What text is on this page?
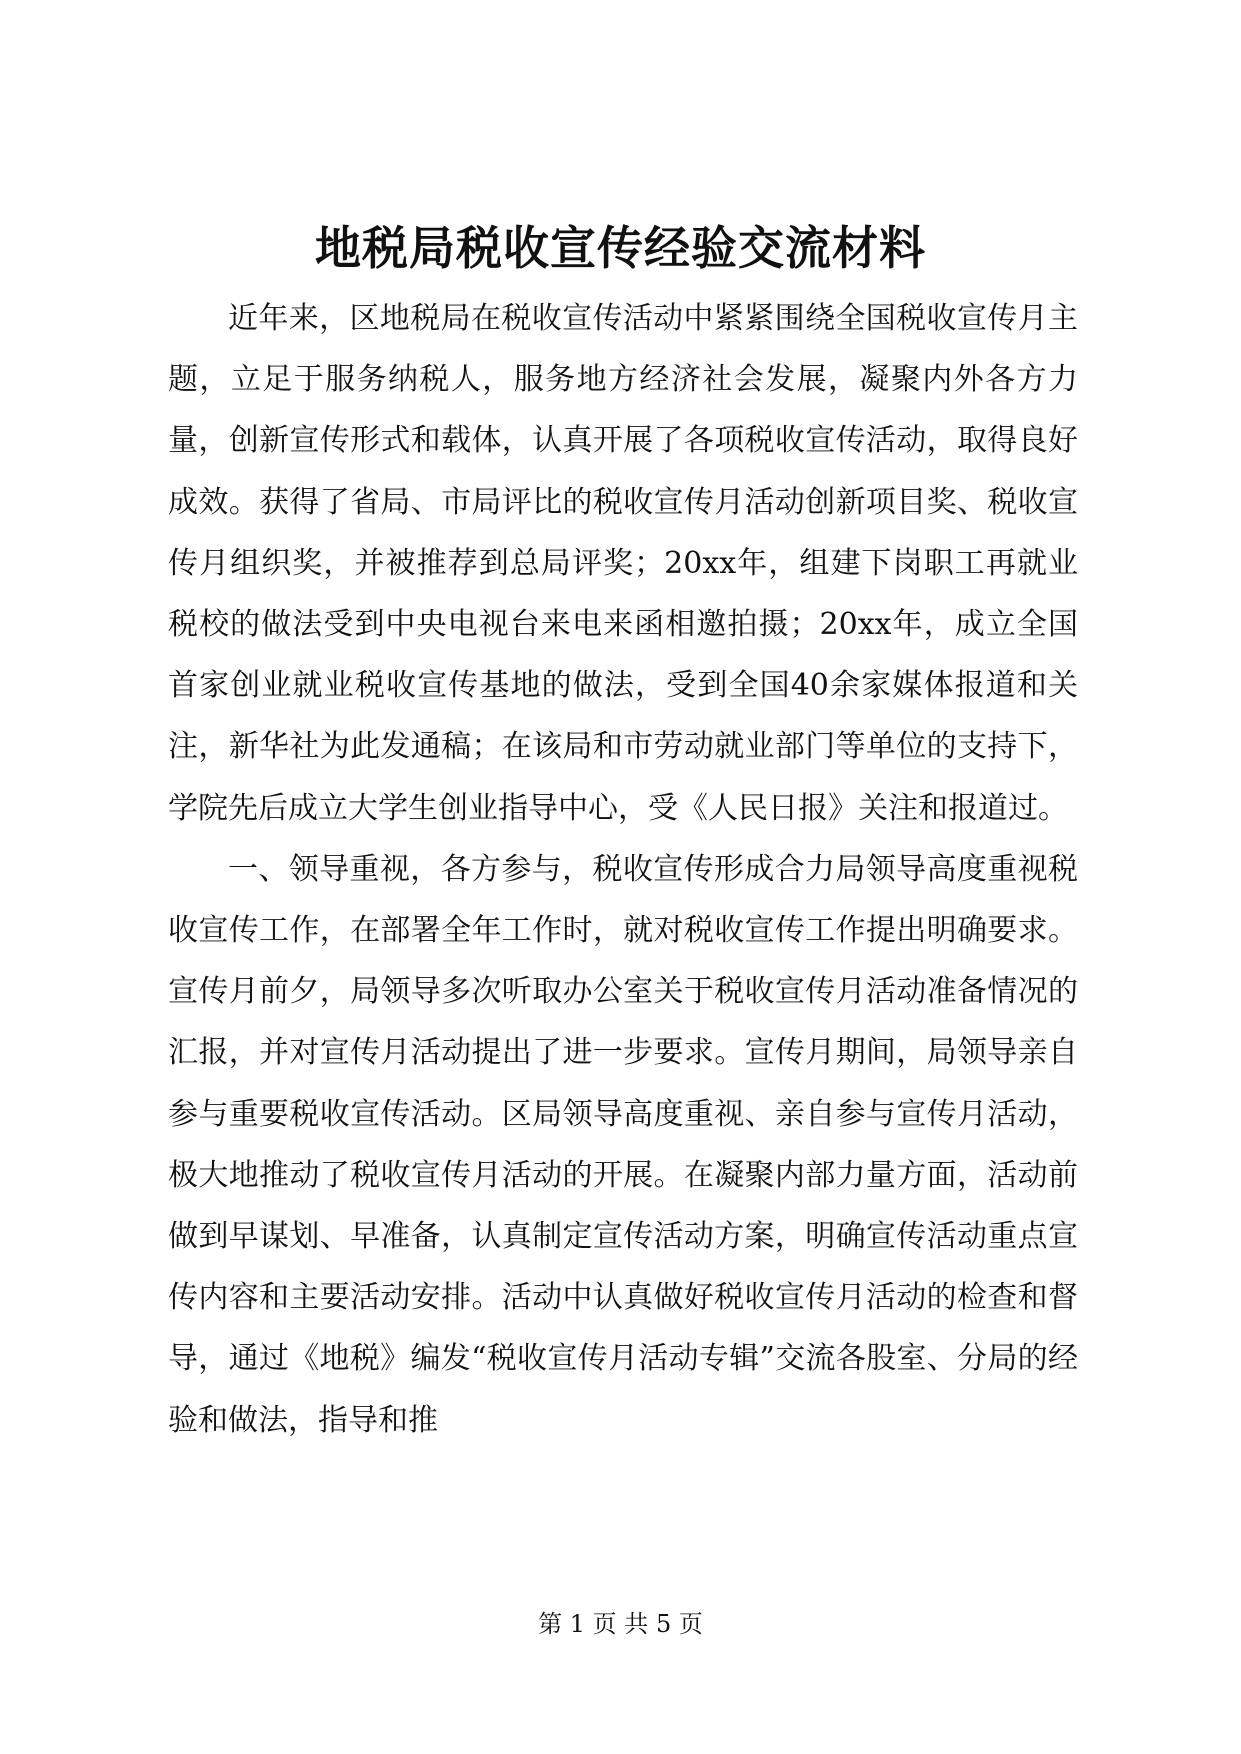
地税局税收宣传经验交流材料

近年来，区地税局在税收宣传活动中紧紧围绕全国税收宣传月主题，立足于服务纳税人，服务地方经济社会发展，凝聚内外各方力量，创新宣传形式和载体，认真开展了各项税收宣传活动，取得良好成效。获得了省局、市局评比的税收宣传月活动创新项目奖、税收宣传月组织奖，并被推荐到总局评奖；20xx年，组建下岗职工再就业税校的做法受到中央电视台来电来函相邀拍摄；20xx年，成立全国首家创业就业税收宣传基地的做法，受到全国40余家媒体报道和关注，新华社为此发通稿；在该局和市劳动就业部门等单位的支持下，学院先后成立大学生创业指导中心，受《人民日报》关注和报道过。

一、领导重视，各方参与，税收宣传形成合力局领导高度重视税收宣传工作，在部署全年工作时，就对税收宣传工作提出明确要求。宣传月前夕，局领导多次听取办公室关于税收宣传月活动准备情况的汇报，并对宣传月活动提出了进一步要求。宣传月期间，局领导亲自参与重要税收宣传活动。区局领导高度重视、亲自参与宣传月活动，极大地推动了税收宣传月活动的开展。在凝聚内部力量方面，活动前做到早谋划、早准备，认真制定宣传活动方案，明确宣传活动重点宣传内容和主要活动安排。活动中认真做好税收宣传月活动的检查和督导，通过《地税》编发“税收宣传月活动专辑”交流各股室、分局的经验和做法，指导和推

第 1 页 共 5 页
